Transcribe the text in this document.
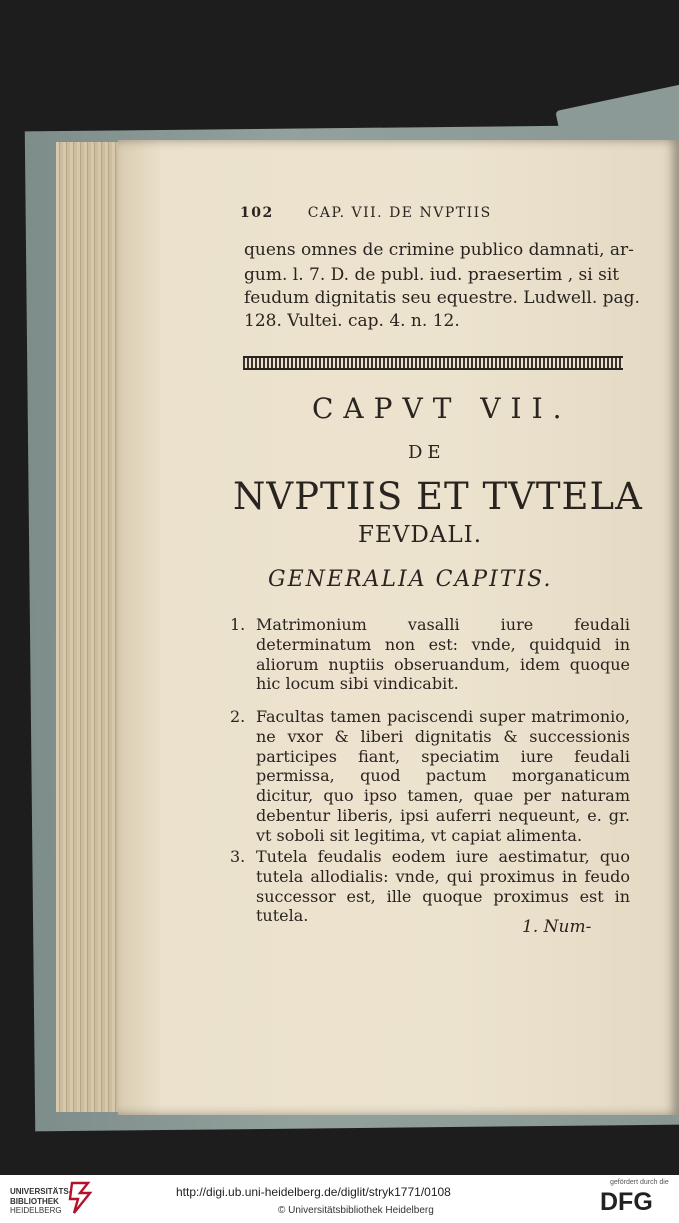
102 CAP. VII. DE NVPTIIS
quens omnes de crimine publico damnati, ar-
gum. l. 7. D. de publ. iud. praesertim , si sit
feudum dignitatis seu equestre. Ludwell. pag.
128. Vultei. cap. 4. n. 12.
CAPVT VII.
DE
NVPTIIS ET TVTELA
FEVDALI.
GENERALIA CAPITIS.
1. Matrimonium vasalli iure feudali determinatum non est: vnde, quidquid in aliorum nuptiis obseruandum, idem quoque hic locum sibi vindicabit.
2. Facultas tamen paciscendi super matrimonio, ne vxor & liberi dignitatis & successionis participes fiant, speciatim iure feudali permissa, quod pactum morganaticum dicitur, quo ipso tamen, quae per naturam debentur liberis, ipsi auferri nequeunt, e. gr. vt soboli sit legitima, vt capiat alimenta.
3. Tutela feudalis eodem iure aestimatur, quo tutela allodialis: vnde, qui proximus in feudo successor est, ille quoque proximus est in tutela.
1. Num-
UNIVERSITÄTS-
BIBLIOTHEK
HEIDELBERG
http://digi.ub.uni-heidelberg.de/diglit/stryk1771/0108
© Universitätsbibliothek Heidelberg
gefördert durch die
DFG
